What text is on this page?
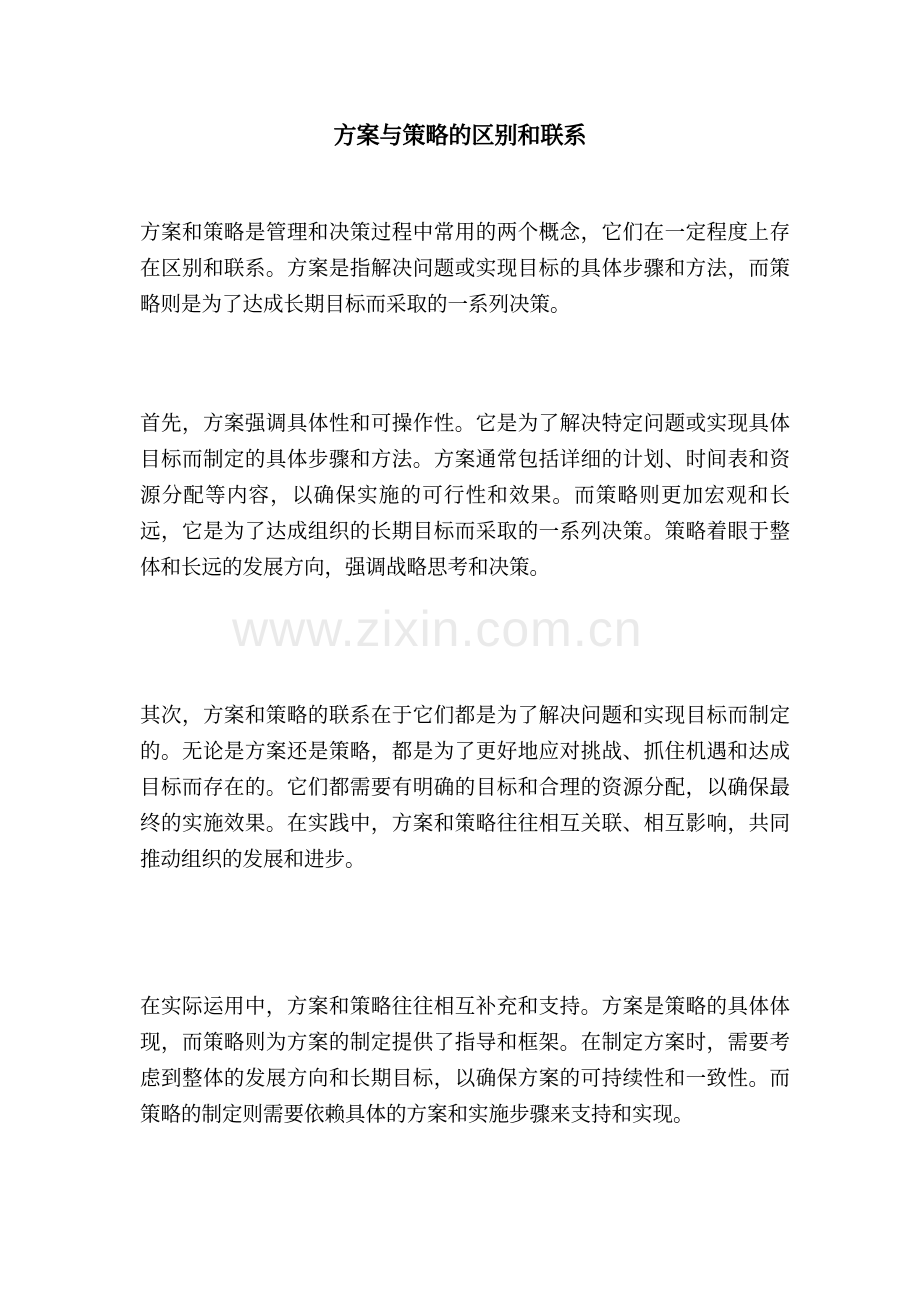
方案与策略的区别和联系

方案和策略是管理和决策过程中常用的两个概念，它们在一定程度上存在区别和联系。方案是指解决问题或实现目标的具体步骤和方法，而策略则是为了达成长期目标而采取的一系列决策。

首先，方案强调具体性和可操作性。它是为了解决特定问题或实现具体目标而制定的具体步骤和方法。方案通常包括详细的计划、时间表和资源分配等内容，以确保实施的可行性和效果。而策略则更加宏观和长远，它是为了达成组织的长期目标而采取的一系列决策。策略着眼于整体和长远的发展方向，强调战略思考和决策。

其次，方案和策略的联系在于它们都是为了解决问题和实现目标而制定的。无论是方案还是策略，都是为了更好地应对挑战、抓住机遇和达成目标而存在的。它们都需要有明确的目标和合理的资源分配，以确保最终的实施效果。在实践中，方案和策略往往相互关联、相互影响，共同推动组织的发展和进步。

在实际运用中，方案和策略往往相互补充和支持。方案是策略的具体体现，而策略则为方案的制定提供了指导和框架。在制定方案时，需要考虑到整体的发展方向和长期目标，以确保方案的可持续性和一致性。而策略的制定则需要依赖具体的方案和实施步骤来支持和实现。

www.zixin.com.cn
